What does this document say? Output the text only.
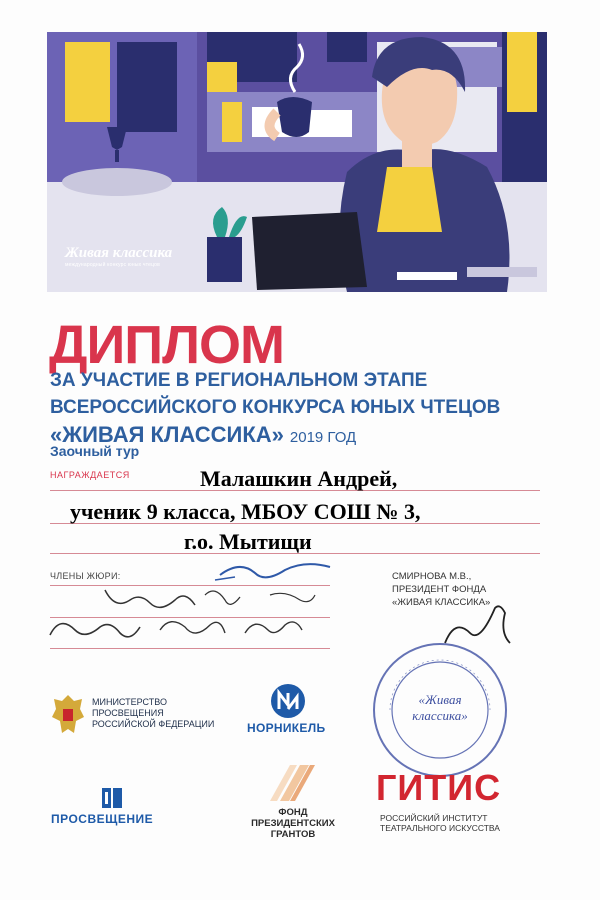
Живая классика
международный конкурс юных чтецов
ДИПЛОМ
ЗА УЧАСТИЕ В РЕГИОНАЛЬНОМ ЭТАПЕ
ВСЕРОССИЙСКОГО КОНКУРСА ЮНЫХ ЧТЕЦОВ
«ЖИВАЯ КЛАССИКА» 2019 ГОД
Заочный тур
НАГРАЖДАЕТСЯ	Малашкин Андрей,
ученик 9 класса, МБОУ СОШ № 3,
г.о. Мытищи
ЧЛЕНЫ ЖЮРИ:	СМИРНОВА М.В.,
ПРЕЗИДЕНТ ФОНДА
«ЖИВАЯ КЛАССИКА»
«Живая
классика»
МИНИСТЕРСТВО
ПРОСВЕЩЕНИЯ
РОССИЙСКОЙ ФЕДЕРАЦИИ	НОРНИКЕЛЬ
ПРОСВЕЩЕНИЕ	ФОНД
ПРЕЗИДЕНТСКИХ
ГРАНТОВ
ГИТИС
РОССИЙСКИЙ ИНСТИТУТ
ТЕАТРАЛЬНОГО ИСКУССТВА
